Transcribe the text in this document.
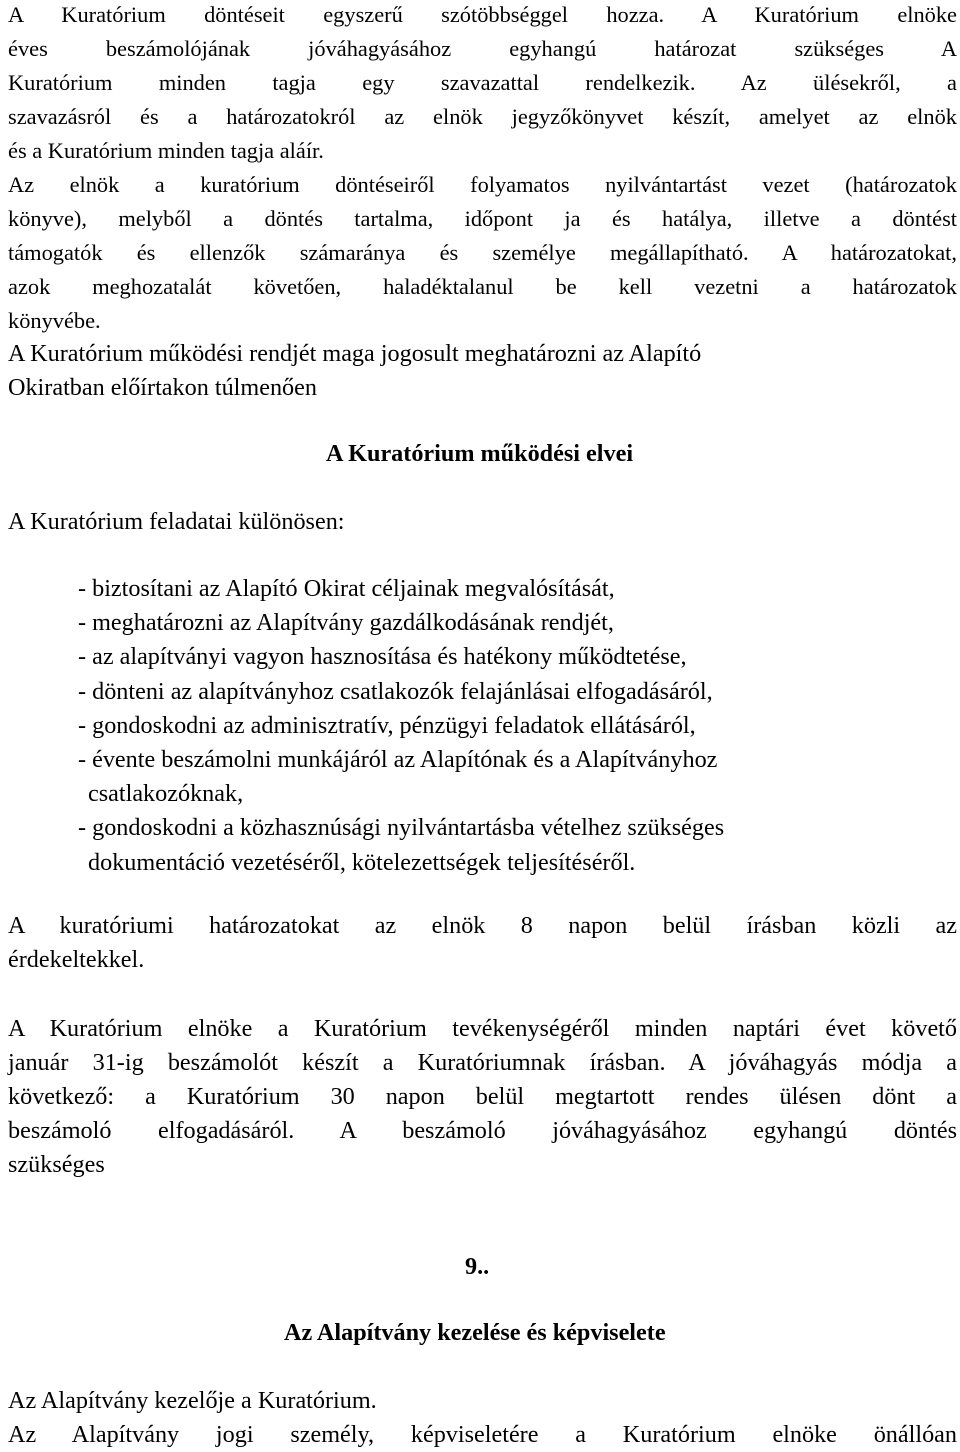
A Kuratórium döntéseit egyszerű szótöbbséggel hozza. A Kuratórium elnöke
éves beszámolójának jóváhagyásához egyhangú határozat szükséges A
Kuratórium minden tagja egy szavazattal rendelkezik. Az ülésekről, a
szavazásról és a határozatokról az elnök jegyzőkönyvet készít, amelyet az elnök
és a Kuratórium minden tagja aláír.
Az elnök a kuratórium döntéseiről folyamatos nyilvántartást vezet (határozatok
könyve), melyből a döntés tartalma, időpont ja és hatálya, illetve a döntést
támogatók és ellenzők számaránya és személye megállapítható. A határozatokat,
azok meghozatalát követően, haladéktalanul be kell vezetni a határozatok
könyvébe.
A Kuratórium működési rendjét maga jogosult meghatározni az Alapító
Okiratban előírtakon túlmenően
A Kuratórium működési elvei
A Kuratórium feladatai különösen:
- biztosítani az Alapító Okirat céljainak megvalósítását,
- meghatározni az Alapítvány gazdálkodásának rendjét,
- az alapítványi vagyon hasznosítása és hatékony működtetése,
- dönteni az alapítványhoz csatlakozók felajánlásai elfogadásáról,
- gondoskodni az adminisztratív, pénzügyi feladatok ellátásáról,
- évente beszámolni munkájáról az Alapítónak és a Alapítványhoz
csatlakozóknak,
- gondoskodni a közhasznúsági nyilvántartásba vételhez szükséges
dokumentáció vezetéséről, kötelezettségek teljesítéséről.
A kuratóriumi határozatokat az elnök 8 napon belül írásban közli az
érdekeltekkel.
A Kuratórium elnöke a Kuratórium tevékenységéről minden naptári évet követő
január 31-ig beszámolót készít a Kuratóriumnak írásban. A jóváhagyás módja a
következő: a Kuratórium 30 napon belül megtartott rendes ülésen dönt a
beszámoló elfogadásáról. A beszámoló jóváhagyásához egyhangú döntés
szükséges
9..
Az Alapítvány kezelése és képviselete
Az Alapítvány kezelője a Kuratórium.
Az Alapítvány jogi személy, képviseletére a Kuratórium elnöke önállóan
